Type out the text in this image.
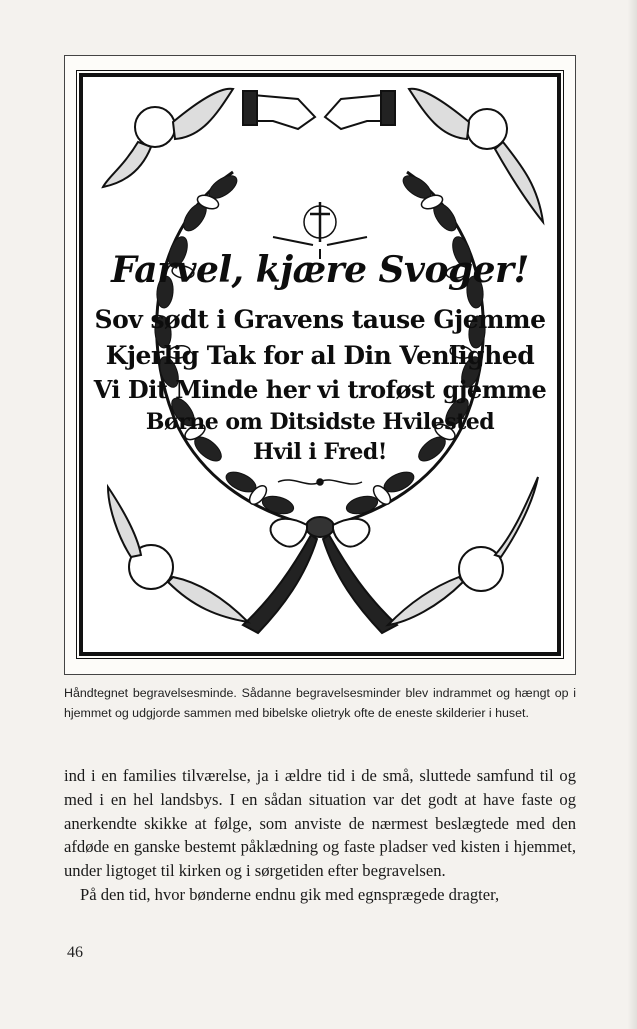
Farvel, kjære Svoger!
Sov sødt i Gravens tause Gjemme
Kjerlig Tak for al Din Venlighed
Vi Dit Minde her vi troføst gjemme
Børne om Ditsidste Hvilested
Hvil i Fred!
Håndtegnet begravelsesminde. Sådanne begravelsesminder blev indrammet og hængt op i hjemmet og udgjorde sammen med bibelske olietryk ofte de eneste skilderier i huset.

ind i en families tilværelse, ja i ældre tid i de små, sluttede samfund til og med i en hel landsbys. I en sådan situation var det godt at have faste og anerkendte skikke at følge, som anviste de nærmest beslægtede med den afdøde en ganske bestemt påklædning og faste pladser ved kisten i hjemmet, under ligtoget til kirken og i sørgetiden efter begravelsen.

På den tid, hvor bønderne endnu gik med egnsprægede dragter,

46
